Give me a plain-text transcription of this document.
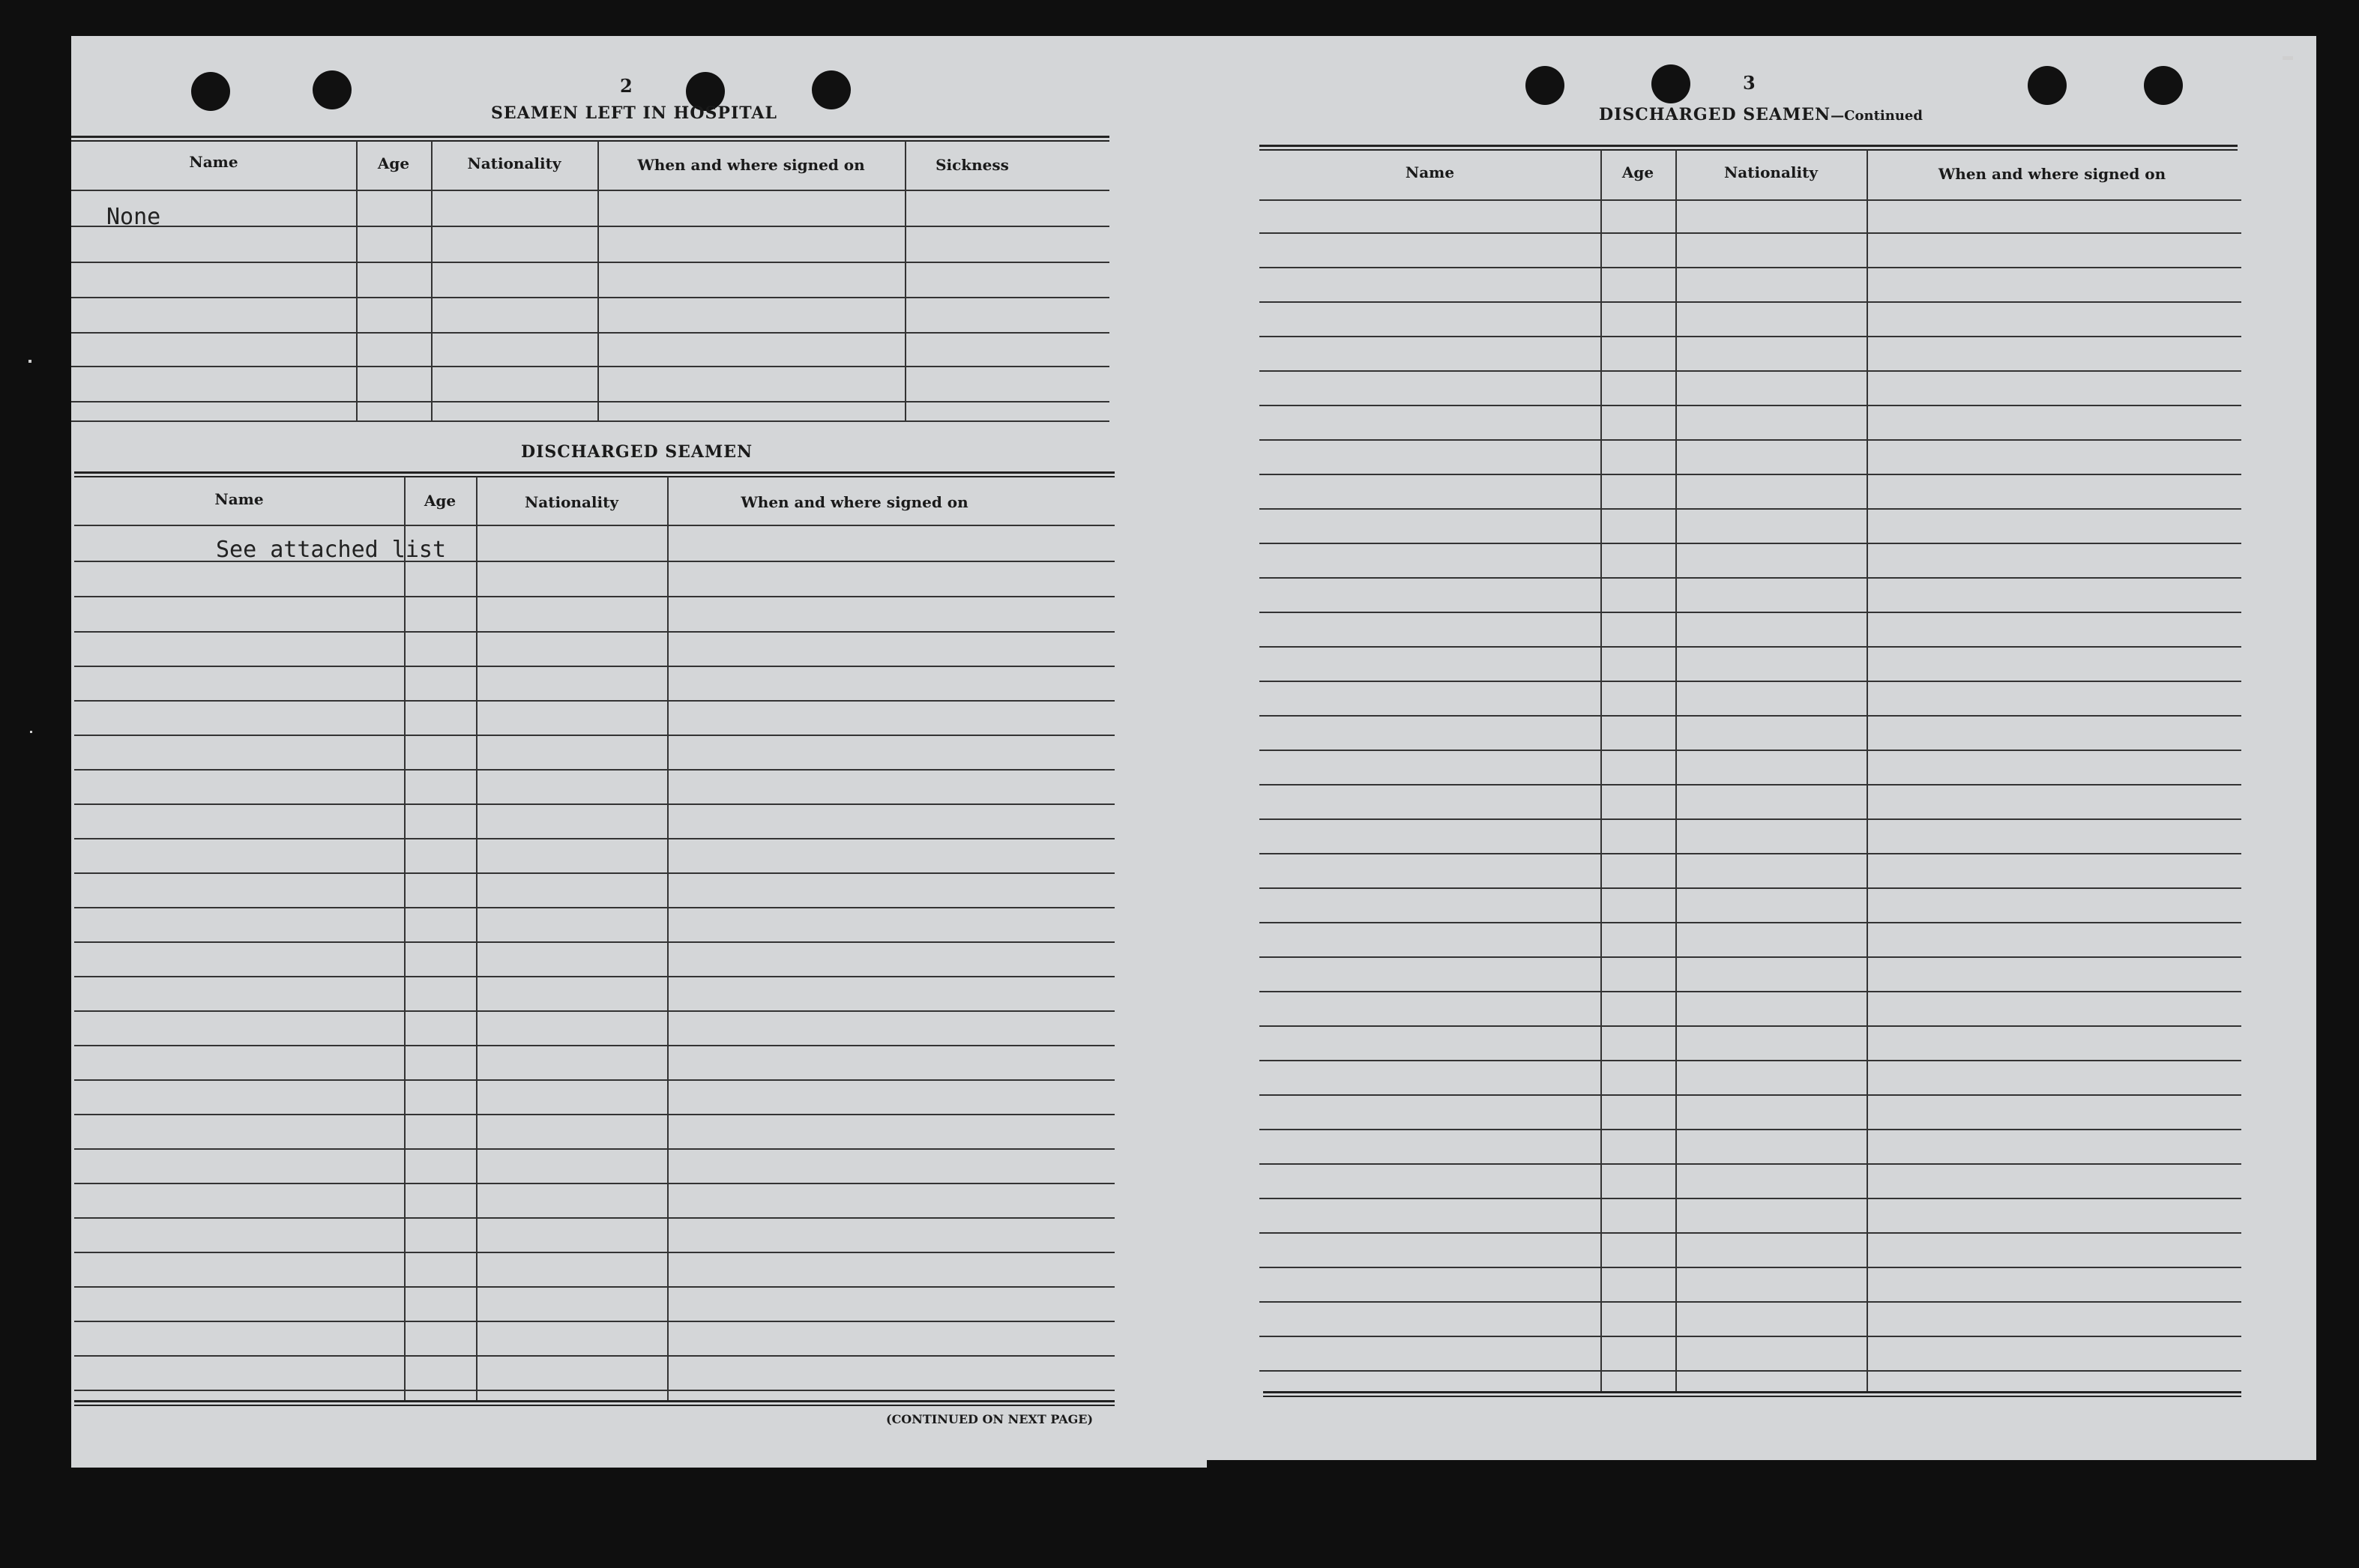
2
SEAMEN LEFT IN HOSPITAL
Name	Age	Nationality	When and where signed on	Sickness
None
DISCHARGED SEAMEN
Name	Age	Nationality	When and where signed on
See attached list
(CONTINUED ON NEXT PAGE)
3
DISCHARGED SEAMEN—Continued
Name	Age	Nationality	When and where signed on
